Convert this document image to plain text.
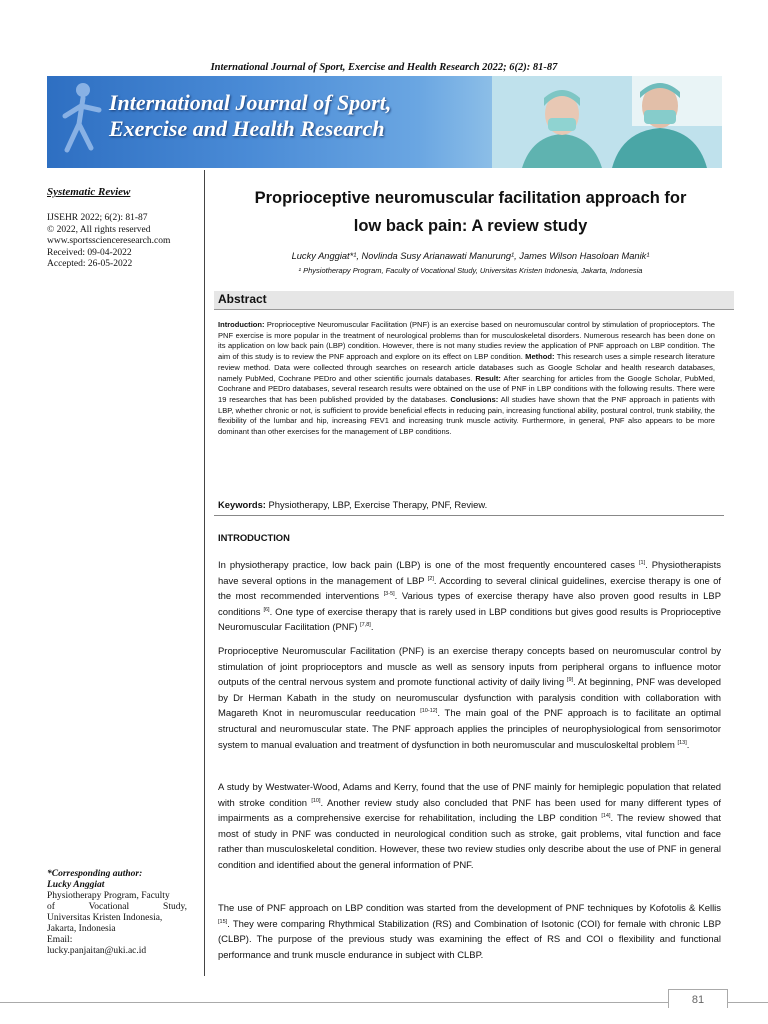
International Journal of Sport, Exercise and Health Research 2022; 6(2): 81-87
International Journal of Sport,
Exercise and Health Research
Systematic Review
IJSEHR 2022; 6(2): 81-87
© 2022, All rights reserved
www.sportsscienceresearch.com
Received: 09-04-2022
Accepted: 26-05-2022
*Corresponding author:
Lucky Anggiat
Physiotherapy Program, Faculty
of Vocational Study,
Universitas Kristen Indonesia,
Jakarta, Indonesia
Email:
lucky.panjaitan@uki.ac.id
Proprioceptive neuromuscular facilitation approach for
low back pain: A review study
Lucky Anggiat*¹, Novlinda Susy Arianawati Manurung¹, James Wilson Hasoloan Manik¹
¹ Physiotherapy Program, Faculty of Vocational Study, Universitas Kristen Indonesia, Jakarta, Indonesia
Abstract
Introduction: Proprioceptive Neuromuscular Facilitation (PNF) is an exercise based on neuromuscular control by stimulation of proprioceptors. The PNF exercise is more popular in the treatment of neurological problems than for musculoskeletal disorders. Numerous research has been done on its application on low back pain (LBP) condition. However, there is not many studies review the application of PNF approach on LBP condition. The aim of this study is to review the PNF approach and explore on its effect on LBP condition. Method: This research uses a simple research literature review method. Data were collected through searches on research article databases such as Google Scholar and health research databases, namely PubMed, Cochrane PEDro and other scientific journals databases. Result: After searching for articles from the Google Scholar, PubMed, Cochrane and PEDro databases, several research results were obtained on the use of PNF in LBP conditions with the following results. There were 19 researches that has been published provided by the databases. Conclusions: All studies have shown that the PNF approach in patients with LBP, whether chronic or not, is sufficient to provide beneficial effects in reducing pain, increasing functional ability, postural control, trunk stability, the flexibility of the lumbar and hip, increasing FEV1 and increasing trunk muscle activity. Furthermore, in general, PNF also appears to be more dominant than other exercises for the management of LBP conditions.
Keywords: Physiotherapy, LBP, Exercise Therapy, PNF, Review.
INTRODUCTION
In physiotherapy practice, low back pain (LBP) is one of the most frequently encountered cases [1]. Physiotherapists have several options in the management of LBP [2]. According to several clinical guidelines, exercise therapy is one of the most recommended interventions [3-5]. Various types of exercise therapy have also proven good results in LBP conditions [6]. One type of exercise therapy that is rarely used in LBP conditions but gives good results is Proprioceptive Neuromuscular Facilitation (PNF) [7,8].
Proprioceptive Neuromuscular Facilitation (PNF) is an exercise therapy concepts based on neuromuscular control by stimulation of joint proprioceptors and muscle as well as sensory inputs from peripheral organs to influence motor outputs of the central nervous system and promote functional activity of daily living [9]. At beginning, PNF was developed by Dr Herman Kabath in the study on neuromuscular dysfunction with paralysis condition with collaboration with Magareth Knot in neuromuscular reeducation [10-12]. The main goal of the PNF approach is to facilitate an optimal structural and neuromuscular state. The PNF approach applies the principles of neurophysiological from sensorimotor system to manual evaluation and treatment of dysfunction in both neuromuscular and musculoskeltal problem [13].
A study by Westwater-Wood, Adams and Kerry, found that the use of PNF mainly for hemiplegic population that related with stroke condition [10]. Another review study also concluded that PNF has been used for many different types of impairments as a comprehensive exercise for rehabilitation, including the LBP condition [14]. The review showed that most of study in PNF was conducted in neurological condition such as stroke, gait problems, vital function and face rather than musculoskeletal condition. However, these two review studies only describe about the use of PNF in general condition and identified about the general information of PNF.
The use of PNF approach on LBP condition was started from the development of PNF techniques by Kofotolis & Kellis [15]. They were comparing Rhythmical Stabilization (RS) and Combination of Isotonic (COI) for female with chronic LBP (CLBP). The purpose of the previous study was examining the effect of RS and COI o flexibility and functional performance and trunk muscle endurance in subject with CLBP.
81
